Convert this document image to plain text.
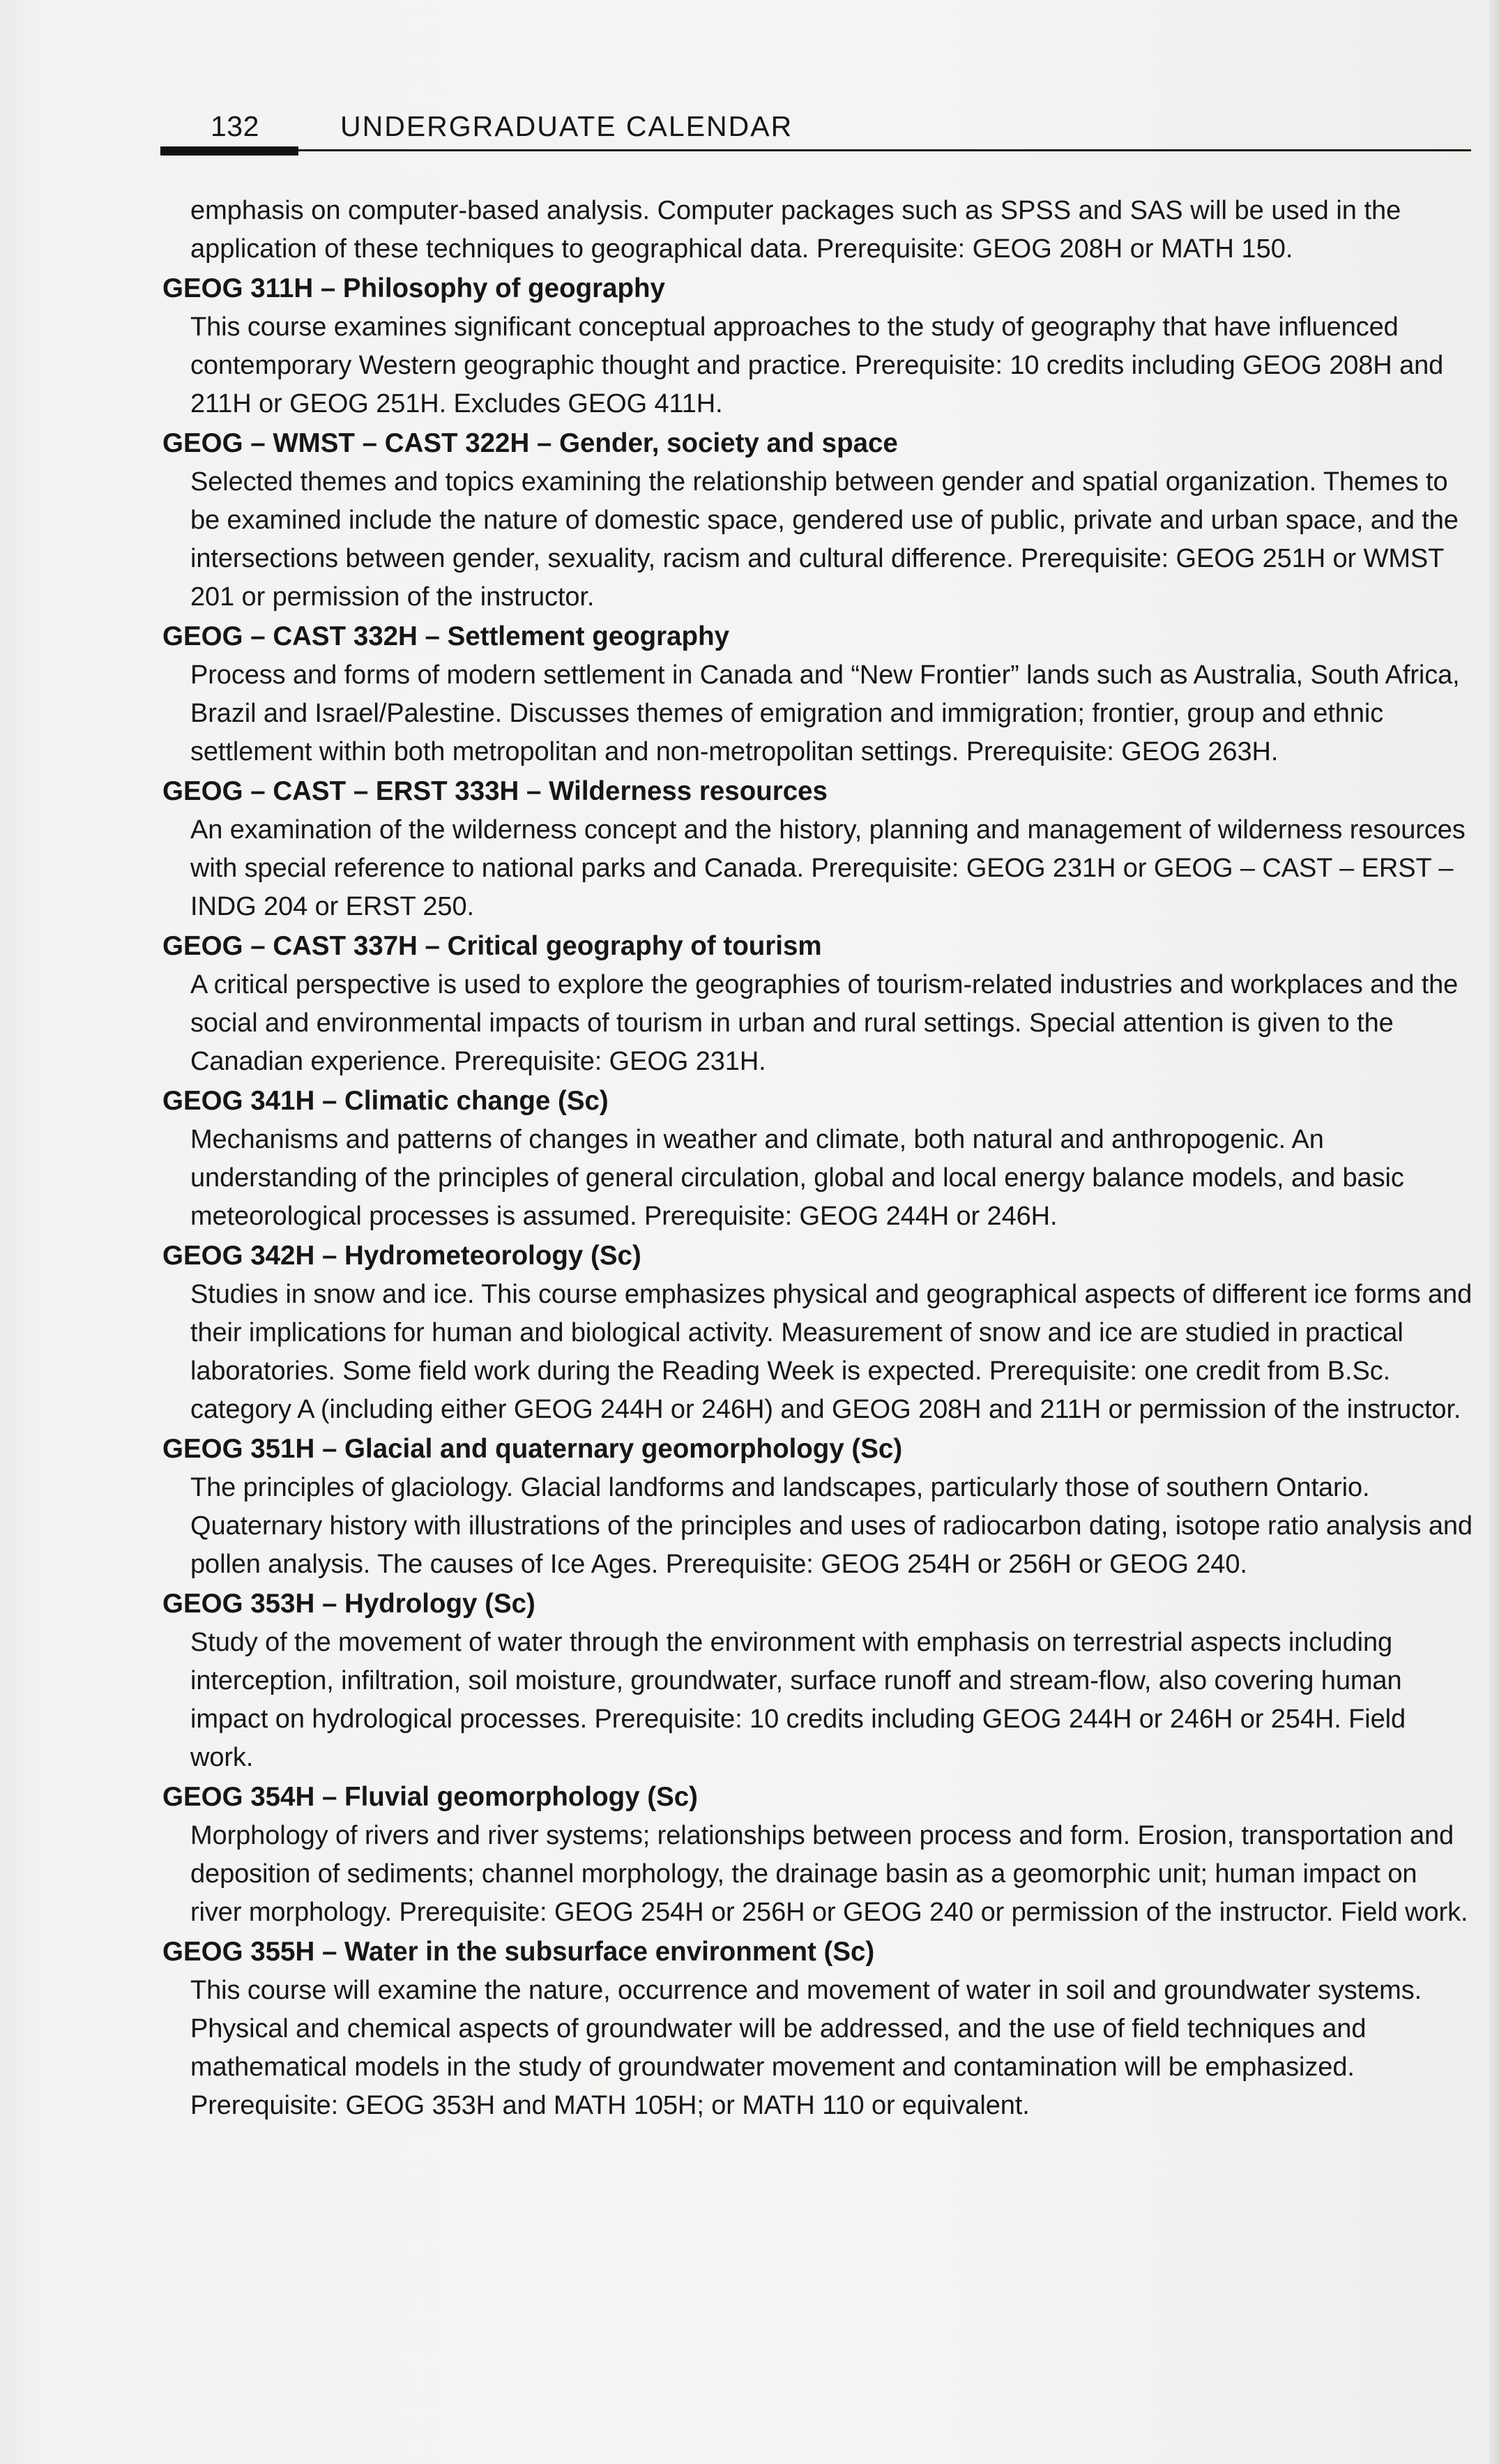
132	UNDERGRADUATE CALENDAR

emphasis on computer-based analysis. Computer packages such as SPSS and SAS will be used in the application of these techniques to geographical data. Prerequisite: GEOG 208H or MATH 150.

GEOG 311H – Philosophy of geography

This course examines significant conceptual approaches to the study of geography that have influenced contemporary Western geographic thought and practice. Prerequisite: 10 credits including GEOG 208H and 211H or GEOG 251H. Excludes GEOG 411H.

GEOG – WMST – CAST 322H – Gender, society and space

Selected themes and topics examining the relationship between gender and spatial organization. Themes to be examined include the nature of domestic space, gendered use of public, private and urban space, and the intersections between gender, sexuality, racism and cultural difference. Prerequisite: GEOG 251H or WMST 201 or permission of the instructor.

GEOG – CAST 332H – Settlement geography

Process and forms of modern settlement in Canada and “New Frontier” lands such as Australia, South Africa, Brazil and Israel/Palestine. Discusses themes of emigration and immigration; frontier, group and ethnic settlement within both metropolitan and non-metropolitan settings. Prerequisite: GEOG 263H.

GEOG – CAST – ERST 333H – Wilderness resources

An examination of the wilderness concept and the history, planning and management of wilderness resources with special reference to national parks and Canada. Prerequisite: GEOG 231H or GEOG – CAST – ERST – INDG 204 or ERST 250.

GEOG – CAST 337H – Critical geography of tourism

A critical perspective is used to explore the geographies of tourism-related industries and workplaces and the social and environmental impacts of tourism in urban and rural settings. Special attention is given to the Canadian experience. Prerequisite: GEOG 231H.

GEOG 341H – Climatic change (Sc)

Mechanisms and patterns of changes in weather and climate, both natural and anthropogenic. An understanding of the principles of general circulation, global and local energy balance models, and basic meteorological processes is assumed. Prerequisite: GEOG 244H or 246H.

GEOG 342H – Hydrometeorology (Sc)

Studies in snow and ice. This course emphasizes physical and geographical aspects of different ice forms and their implications for human and biological activity. Measurement of snow and ice are studied in practical laboratories. Some field work during the Reading Week is expected. Prerequisite: one credit from B.Sc. category A (including either GEOG 244H or 246H) and GEOG 208H and 211H or permission of the instructor.

GEOG 351H – Glacial and quaternary geomorphology (Sc)

The principles of glaciology. Glacial landforms and landscapes, particularly those of southern Ontario. Quaternary history with illustrations of the principles and uses of radiocarbon dating, isotope ratio analysis and pollen analysis. The causes of Ice Ages. Prerequisite: GEOG 254H or 256H or GEOG 240.

GEOG 353H – Hydrology (Sc)

Study of the movement of water through the environment with emphasis on terrestrial aspects including interception, infiltration, soil moisture, groundwater, surface runoff and stream-flow, also covering human impact on hydrological processes. Prerequisite: 10 credits including GEOG 244H or 246H or 254H. Field work.

GEOG 354H – Fluvial geomorphology (Sc)

Morphology of rivers and river systems; relationships between process and form. Erosion, transportation and deposition of sediments; channel morphology, the drainage basin as a geomorphic unit; human impact on river morphology. Prerequisite: GEOG 254H or 256H or GEOG 240 or permission of the instructor. Field work.

GEOG 355H – Water in the subsurface environment (Sc)

This course will examine the nature, occurrence and movement of water in soil and groundwater systems. Physical and chemical aspects of groundwater will be addressed, and the use of field techniques and mathematical models in the study of groundwater movement and contamination will be emphasized. Prerequisite: GEOG 353H and MATH 105H; or MATH 110 or equivalent.
